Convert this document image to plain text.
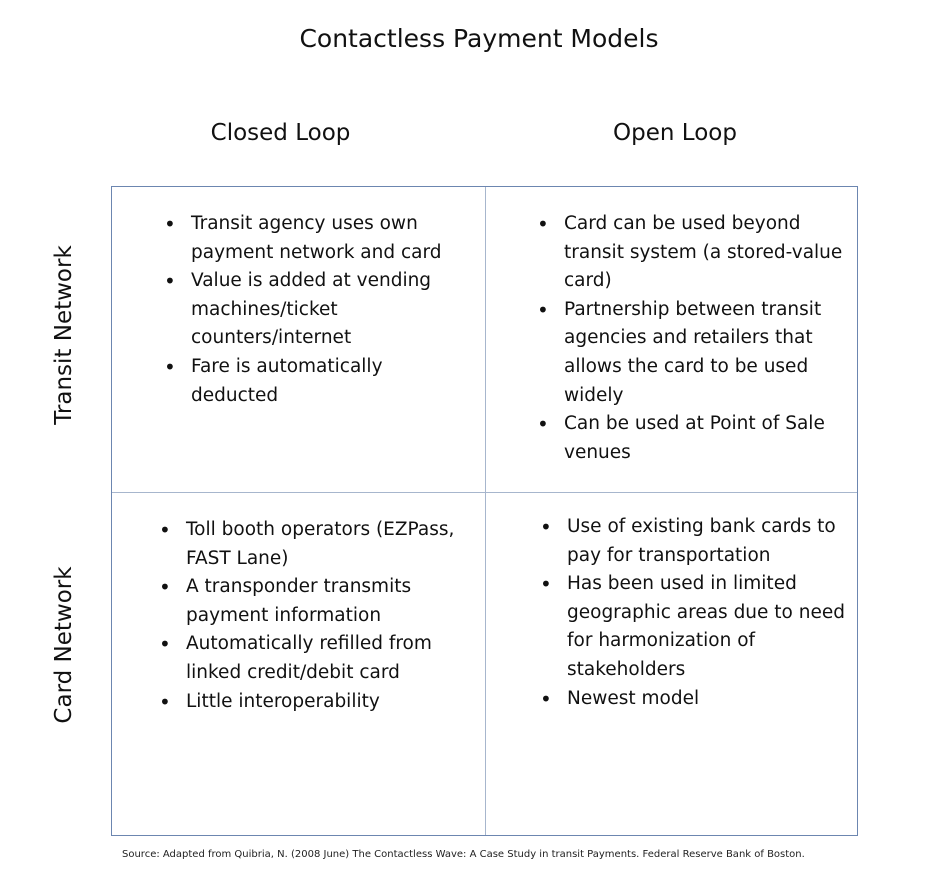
Contactless Payment Models
Closed Loop	Open Loop
Transit Network
Card Network
• Transit agency uses own payment network and card
• Value is added at vending machines/ticket counters/internet
• Fare is automatically deducted
• Card can be used beyond transit system (a stored-value card)
• Partnership between transit agencies and retailers that allows the card to be used widely
• Can be used at Point of Sale venues
• Toll booth operators (EZPass, FAST Lane)
• A transponder transmits payment information
• Automatically refilled from linked credit/debit card
• Little interoperability
• Use of existing bank cards to pay for transportation
• Has been used in limited geographic areas due to need for harmonization of stakeholders
• Newest model
Source: Adapted from Quibria, N. (2008 June) The Contactless Wave: A Case Study in transit Payments. Federal Reserve Bank of Boston.
